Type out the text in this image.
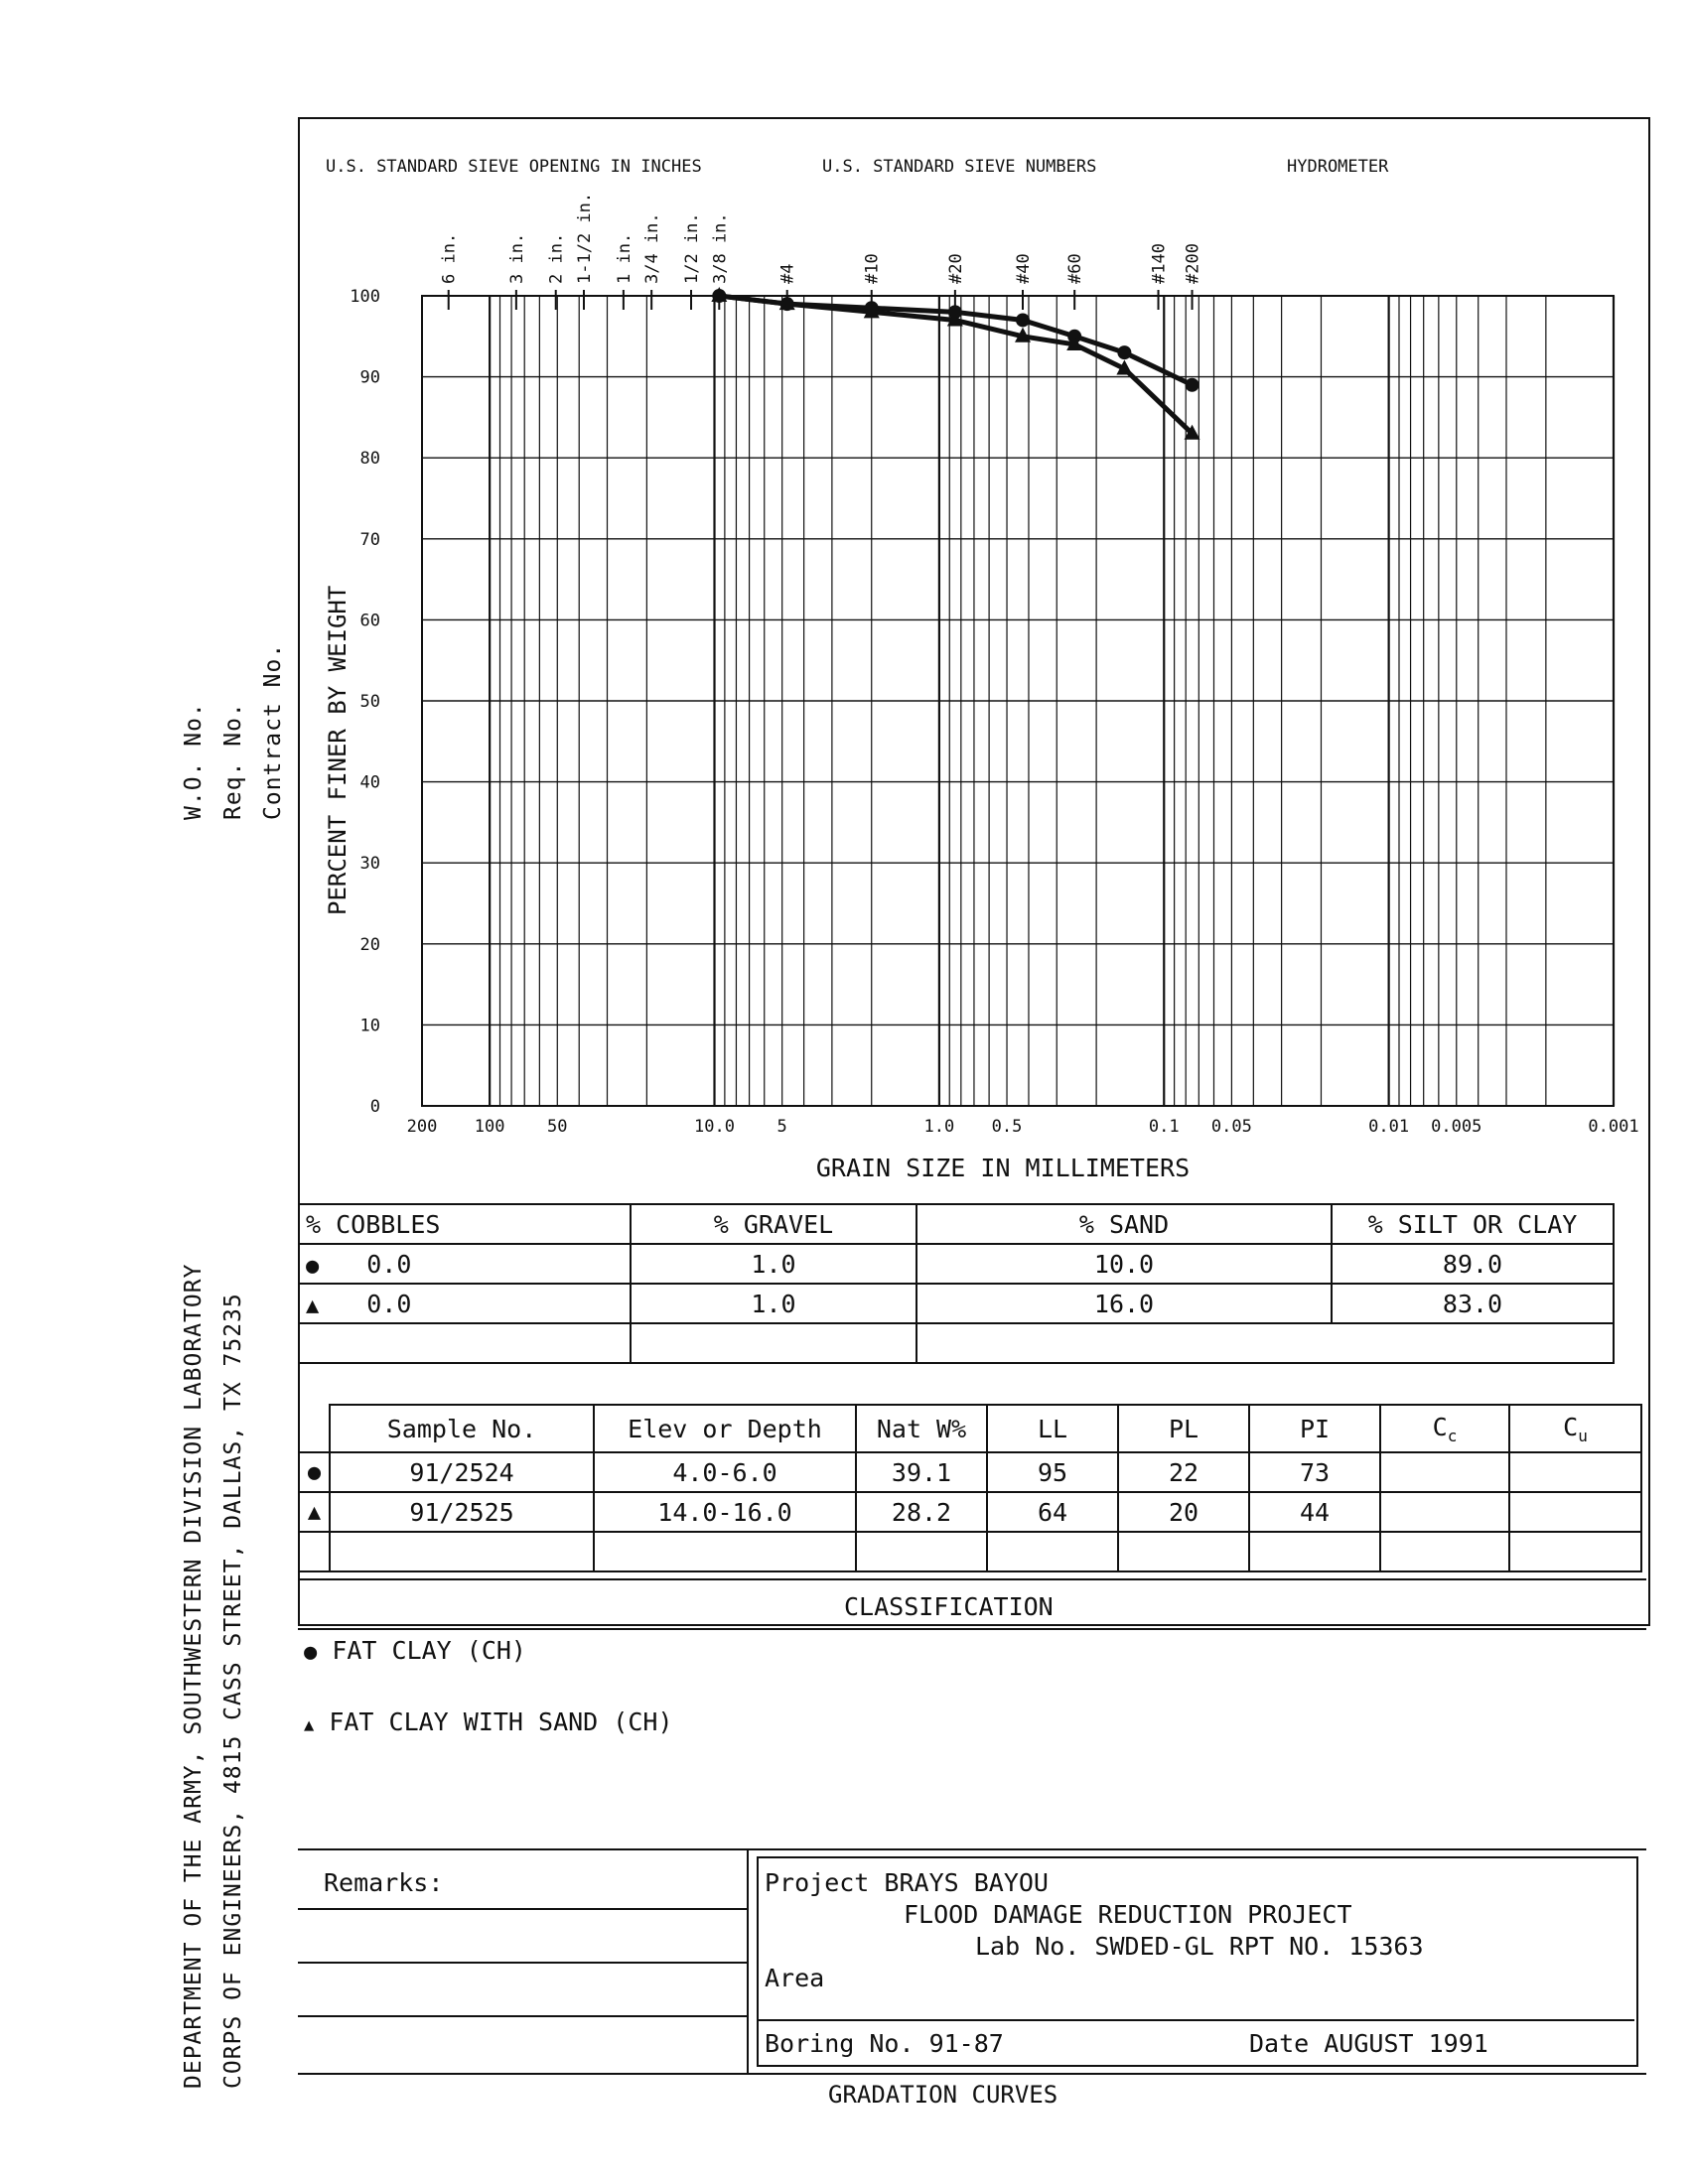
W.O. No. Req. No. Contract No.
DEPARTMENT OF THE ARMY, SOUTHWESTERN DIVISION LABORATORY CORPS OF ENGINEERS, 4815 CASS STREET, DALLAS, TX 75235
U.S. STANDARD SIEVE OPENING IN INCHES	U.S. STANDARD SIEVE NUMBERS	HYDROMETER
6 in.	3 in. 2 in. 1-1/2 in. 1 in. 3/4 in. 1/2 in. 3/8 in.	#4	#10	#20	#40 #60	#140 #200
0
10
20
30
40
50
60
70
80
90
100
200 100	50	10.0	5	1.0 0.5	0.1 0.05	0.01 0.005	0.001
PERCENT FINER BY WEIGHT
GRAIN SIZE IN MILLIMETERS
% COBBLES	% GRAVEL	% SAND	% SILT OR CLAY
● 0.0	1.0	10.0	89.0
▲ 0.0	1.0	16.0	83.0

	Sample No.	Elev or Depth	Nat W%	LL	PL	PI	$C_c$	$C_u$
●	91/2524	4.0-6.0	39.1	95	22	73		
▲	91/2525	14.0-16.0	28.2	64	20	44		

CLASSIFICATION
● FAT CLAY (CH)
▲ FAT CLAY WITH SAND (CH)
Remarks:	Project BRAYS BAYOU
FLOOD DAMAGE REDUCTION PROJECT
Lab No. SWDED-GL RPT NO. 15363
Area
Boring No. 91-87	Date AUGUST 1991
GRADATION CURVES
